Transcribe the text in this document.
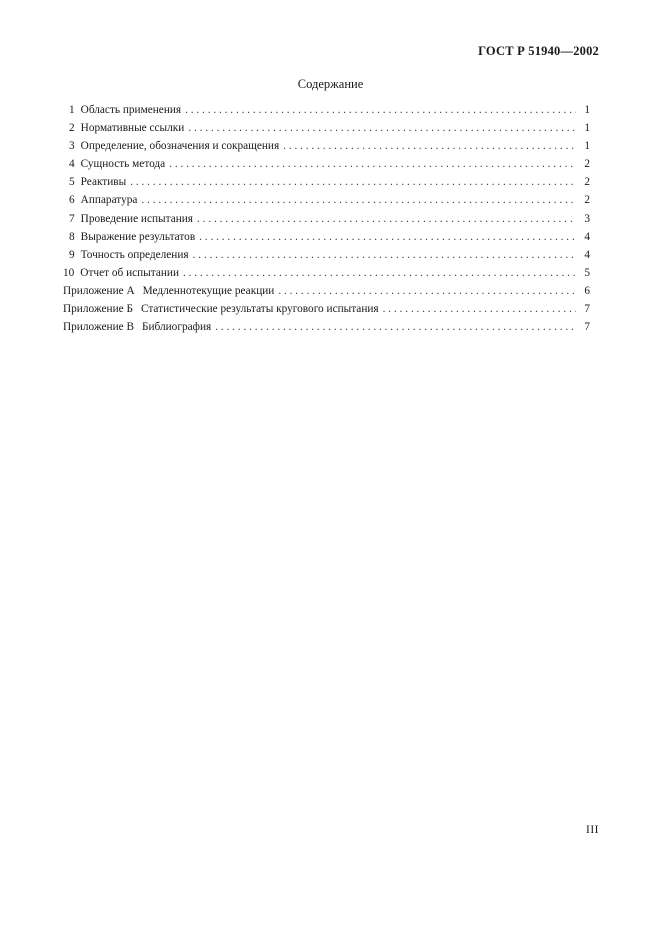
ГОСТ Р 51940—2002
Содержание
1 Область применения . . .	1
2 Нормативные ссылки . . .	1
3 Определение, обозначения и сокращения . . .	1
4 Сущность метода . . .	2
5 Реактивы . . .	2
6 Аппаратура . . .	2
7 Проведение испытания . . .	3
8 Выражение результатов . . .	4
9 Точность определения . . .	4
10 Отчет об испытании . . .	5
Приложение А Медленнотекущие реакции . . .	6
Приложение Б Статистические результаты кругового испытания . . .	7
Приложение В Библиография . . .	7
III
